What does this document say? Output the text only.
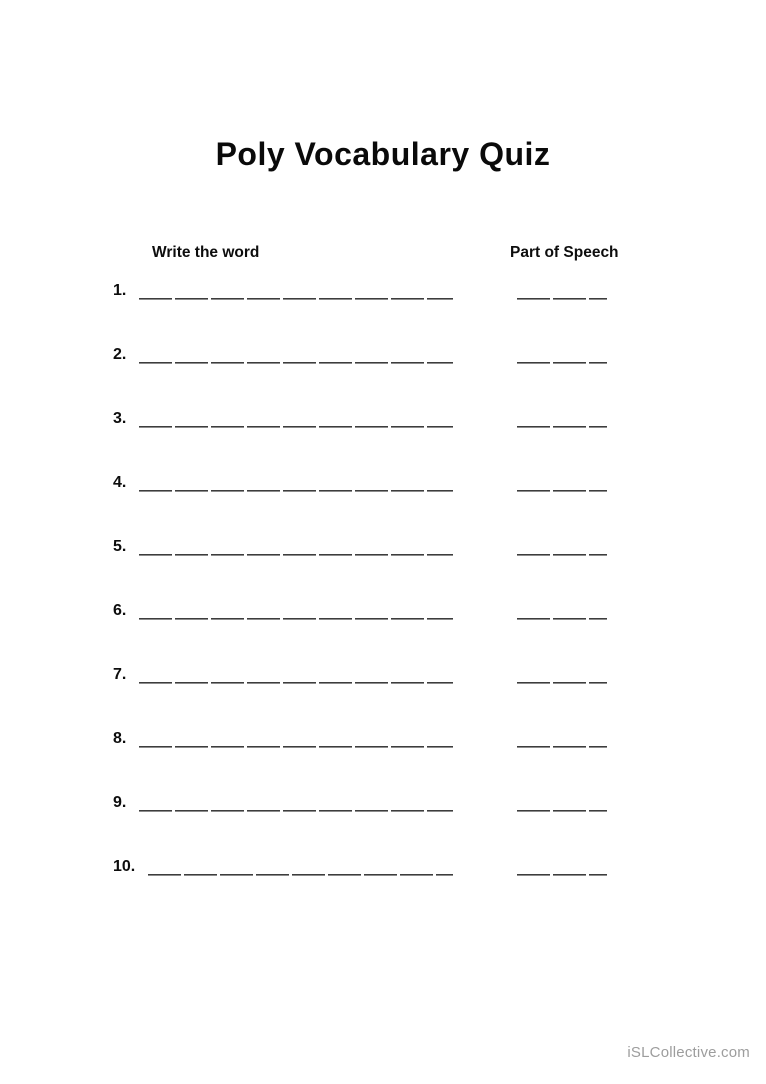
Poly Vocabulary Quiz
Write the word	Part of Speech
1.
2.
3.
4.
5.
6.
7.
8.
9.
10.
iSLCollective.com
